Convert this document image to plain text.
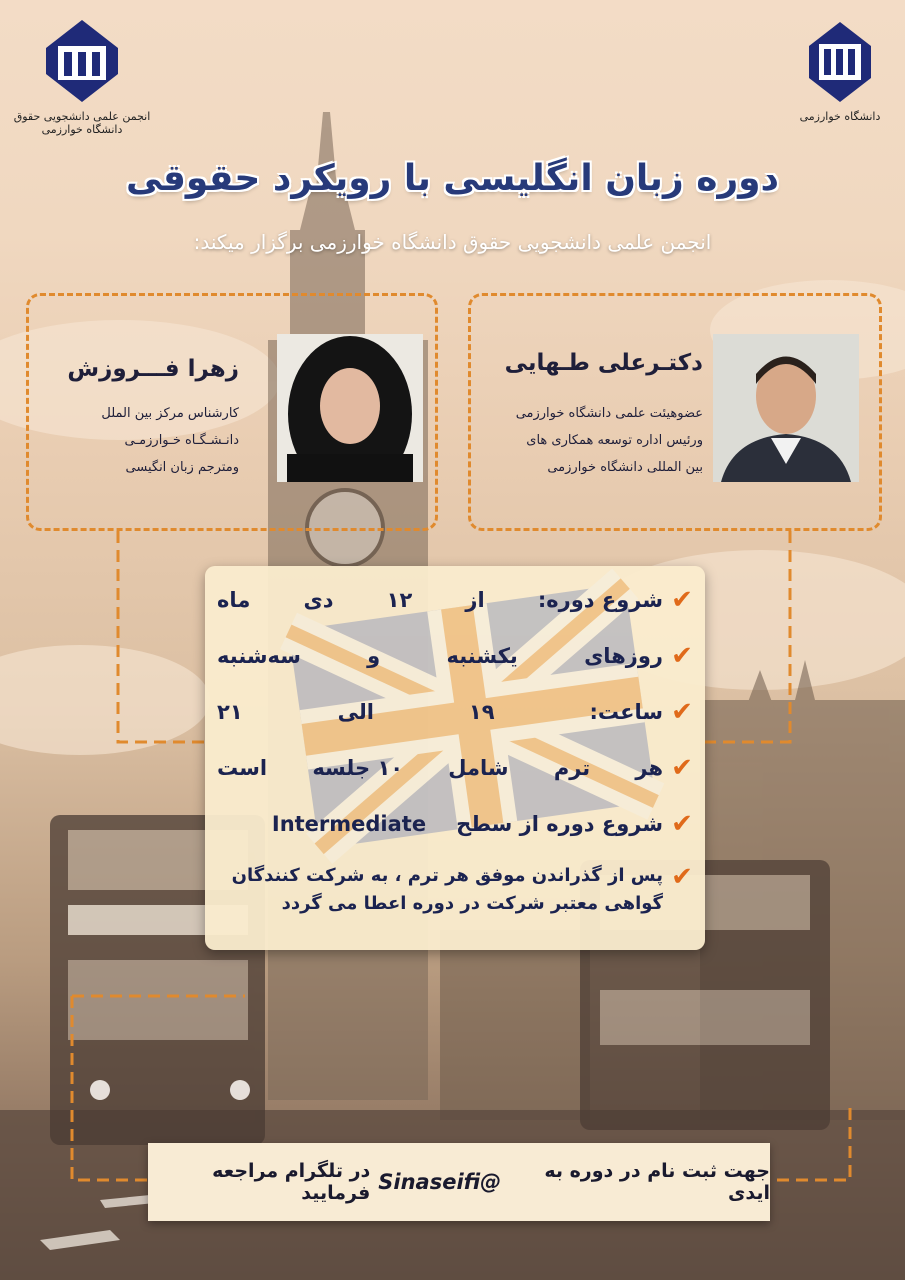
انجمن علمی دانشجویی حقوق دانشگاه خوارزمی
دانشگاه خوارزمی
دوره زبان انگلیسی با رویکرد حقوقی
انجمن علمی دانشجویی حقوق دانشگاه خوارزمی برگزار میکند:
زهرا فـــروزش
کارشناس مرکز بین الملل
دانـشـگـاه خـوارزمـی
ومترجم زبان انگیسی
دکتـرعلی طـهایی
عضوهیئت علمی دانشگاه خوارزمی
ورئیس اداره توسعه همکاری های
بین المللی دانشگاه خوارزمی
✔
شروع دوره:
از
۱۲
دی
ماه
✔
روزهای
یکشنبه
و
سه‌شنبه
✔
ساعت:
۱۹
الی
۲۱
✔
هر
ترم
شامل
۱۰ جلسه
است
✔
شروع دوره از سطح
Intermediate
✔
پس از گذراندن موفق هر ترم ، به شرکت کنندگان
گواهی معتبر شرکت در دوره اعطا می گردد
جهت ثبت نام در دوره به ایدی
Sinaseifi@
در تلگرام مراجعه فرمایید
